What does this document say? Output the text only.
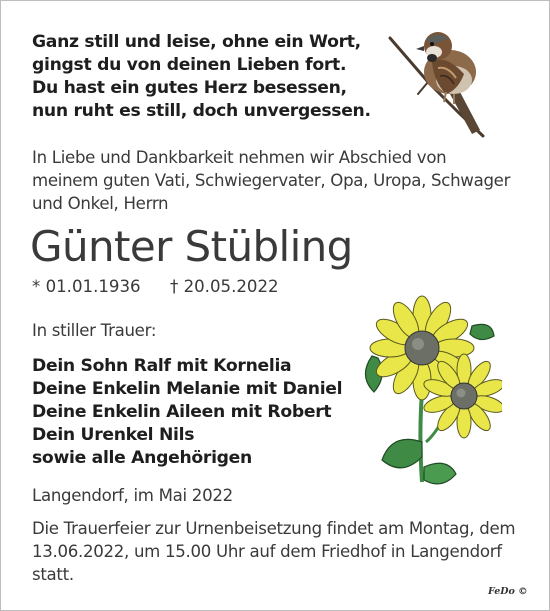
Ganz still und leise, ohne ein Wort,
gingst du von deinen Lieben fort.
Du hast ein gutes Herz besessen,
nun ruht es still, doch unvergessen.
In Liebe und Dankbarkeit nehmen wir Abschied von
meinem guten Vati, Schwiegervater, Opa, Uropa, Schwager
und Onkel, Herrn
Günter Stübling
* 01.01.1936 † 20.05.2022
In stiller Trauer:
Dein Sohn Ralf mit Kornelia
Deine Enkelin Melanie mit Daniel
Deine Enkelin Aileen mit Robert
Dein Urenkel Nils
sowie alle Angehörigen
Langendorf, im Mai 2022
Die Trauerfeier zur Urnenbeisetzung findet am Montag, dem
13.06.2022, um 15.00 Uhr auf dem Friedhof in Langendorf
statt.
FeDo ©
